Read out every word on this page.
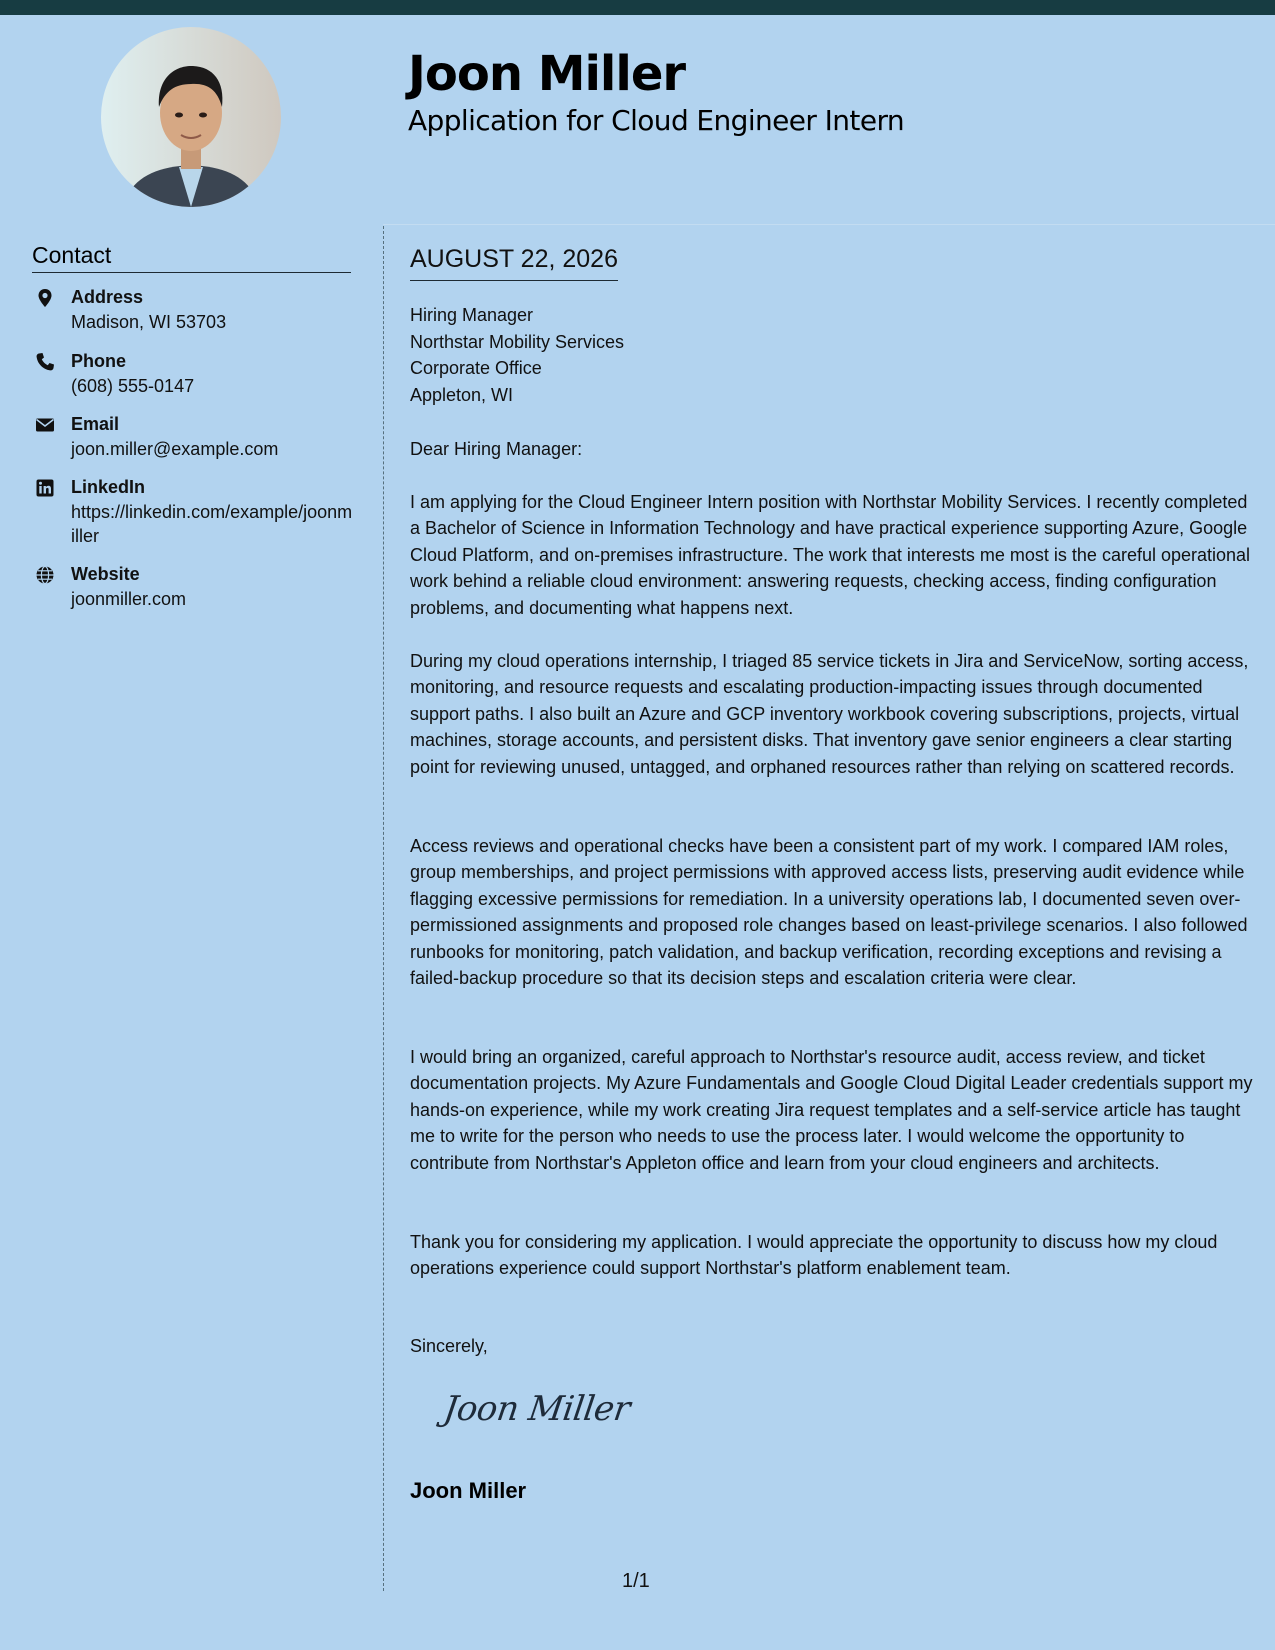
Joon Miller
Application for Cloud Engineer Intern
Contact
Address
Madison, WI 53703
Phone
(608) 555-0147
Email
joon.miller@example.com
LinkedIn
https://linkedin.com/example/joonmiller
Website
joonmiller.com
AUGUST 22, 2026
Hiring Manager
Northstar Mobility Services
Corporate Office
Appleton, WI
Dear Hiring Manager:

I am applying for the Cloud Engineer Intern position with Northstar Mobility Services. I recently completed a Bachelor of Science in Information Technology and have practical experience supporting Azure, Google Cloud Platform, and on-premises infrastructure. The work that interests me most is the careful operational work behind a reliable cloud environment: answering requests, checking access, finding configuration problems, and documenting what happens next.

During my cloud operations internship, I triaged 85 service tickets in Jira and ServiceNow, sorting access, monitoring, and resource requests and escalating production-impacting issues through documented support paths. I also built an Azure and GCP inventory workbook covering subscriptions, projects, virtual machines, storage accounts, and persistent disks. That inventory gave senior engineers a clear starting point for reviewing unused, untagged, and orphaned resources rather than relying on scattered records.

Access reviews and operational checks have been a consistent part of my work. I compared IAM roles, group memberships, and project permissions with approved access lists, preserving audit evidence while flagging excessive permissions for remediation. In a university operations lab, I documented seven over-permissioned assignments and proposed role changes based on least-privilege scenarios. I also followed runbooks for monitoring, patch validation, and backup verification, recording exceptions and revising a failed-backup procedure so that its decision steps and escalation criteria were clear.

I would bring an organized, careful approach to Northstar's resource audit, access review, and ticket documentation projects. My Azure Fundamentals and Google Cloud Digital Leader credentials support my hands-on experience, while my work creating Jira request templates and a self-service article has taught me to write for the person who needs to use the process later. I would welcome the opportunity to contribute from Northstar's Appleton office and learn from your cloud engineers and architects.

Thank you for considering my application. I would appreciate the opportunity to discuss how my cloud operations experience could support Northstar's platform enablement team.

Sincerely,
Joon Miller
Joon Miller
1/1
